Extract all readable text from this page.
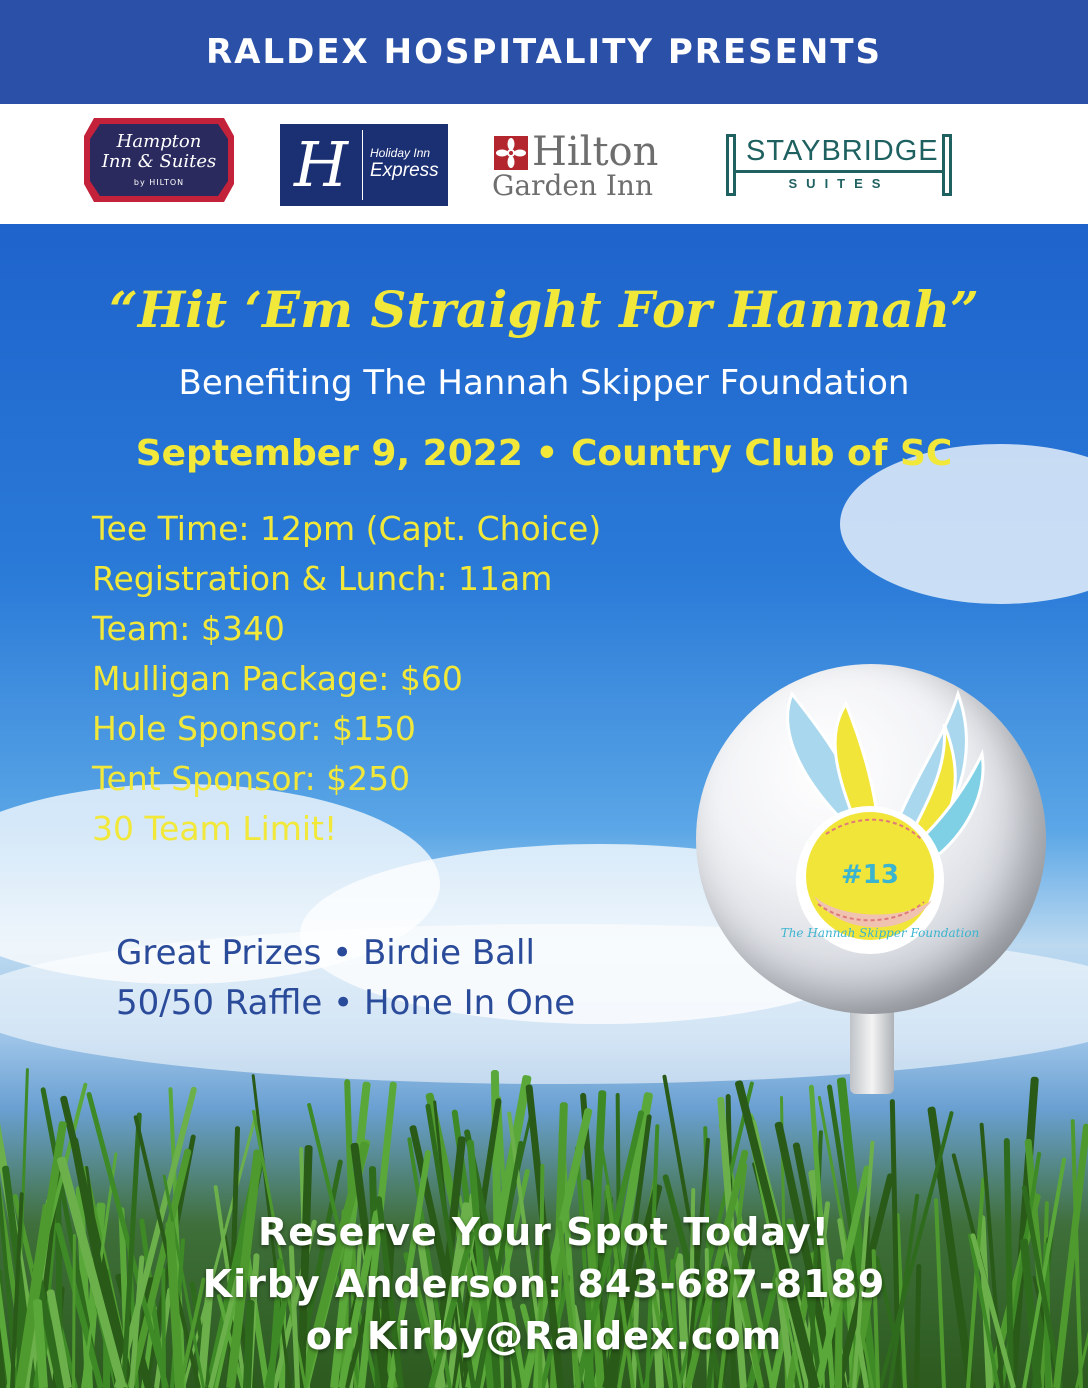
RALDEX HOSPITALITY PRESENTS
Hampton
Inn & Suites
by HILTON	H	Holiday Inn
Express Hilton
Garden Inn
STAYBRIDGE
SUITES
“Hit ‘Em Straight For Hannah”
Benefiting The Hannah Skipper Foundation
September 9, 2022 • Country Club of SC
Tee Time: 12pm (Capt. Choice)
Registration & Lunch: 11am
Team: $340
Mulligan Package: $60
Hole Sponsor: $150
Tent Sponsor: $250
30 Team Limit!
Great Prizes • Birdie Ball
50/50 Raffle • Hone In One
#13
The Hannah Skipper Foundation
Reserve Your Spot Today!
Kirby Anderson: 843-687-8189
or Kirby@Raldex.com
